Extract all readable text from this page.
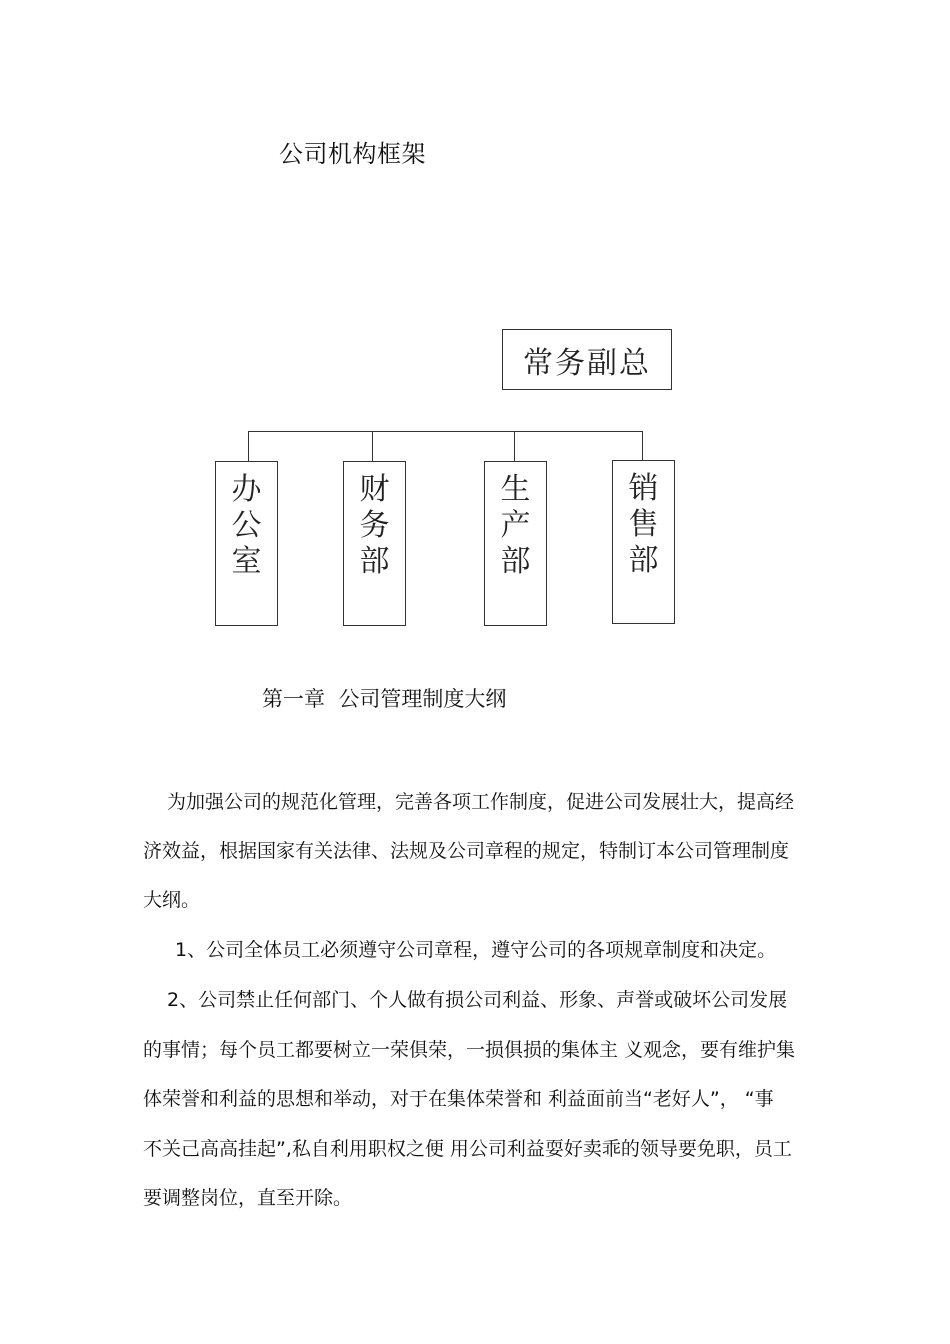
公司机构框架
常务副总
办
公
室
财
务
部
生
产
部
销
售
部
第一章  公司管理制度大纲
为加强公司的规范化管理，完善各项工作制度，促进公司发展壮大，提高经
济效益，根据国家有关法律、法规及公司章程的规定，特制订本公司管理制度
大纲。
1、公司全体员工必须遵守公司章程，遵守公司的各项规章制度和决定。
2、公司禁止任何部门、个人做有损公司利益、形象、声誉或破坏公司发展
的事情；每个员工都要树立一荣俱荣，一损俱损的集体主 义观念，要有维护集
体荣誉和利益的思想和举动，对于在集体荣誉和 利益面前当“老好人”， “事
不关己高高挂起”,私自利用职权之便 用公司利益耍好卖乖的领导要免职，员工
要调整岗位，直至开除。
